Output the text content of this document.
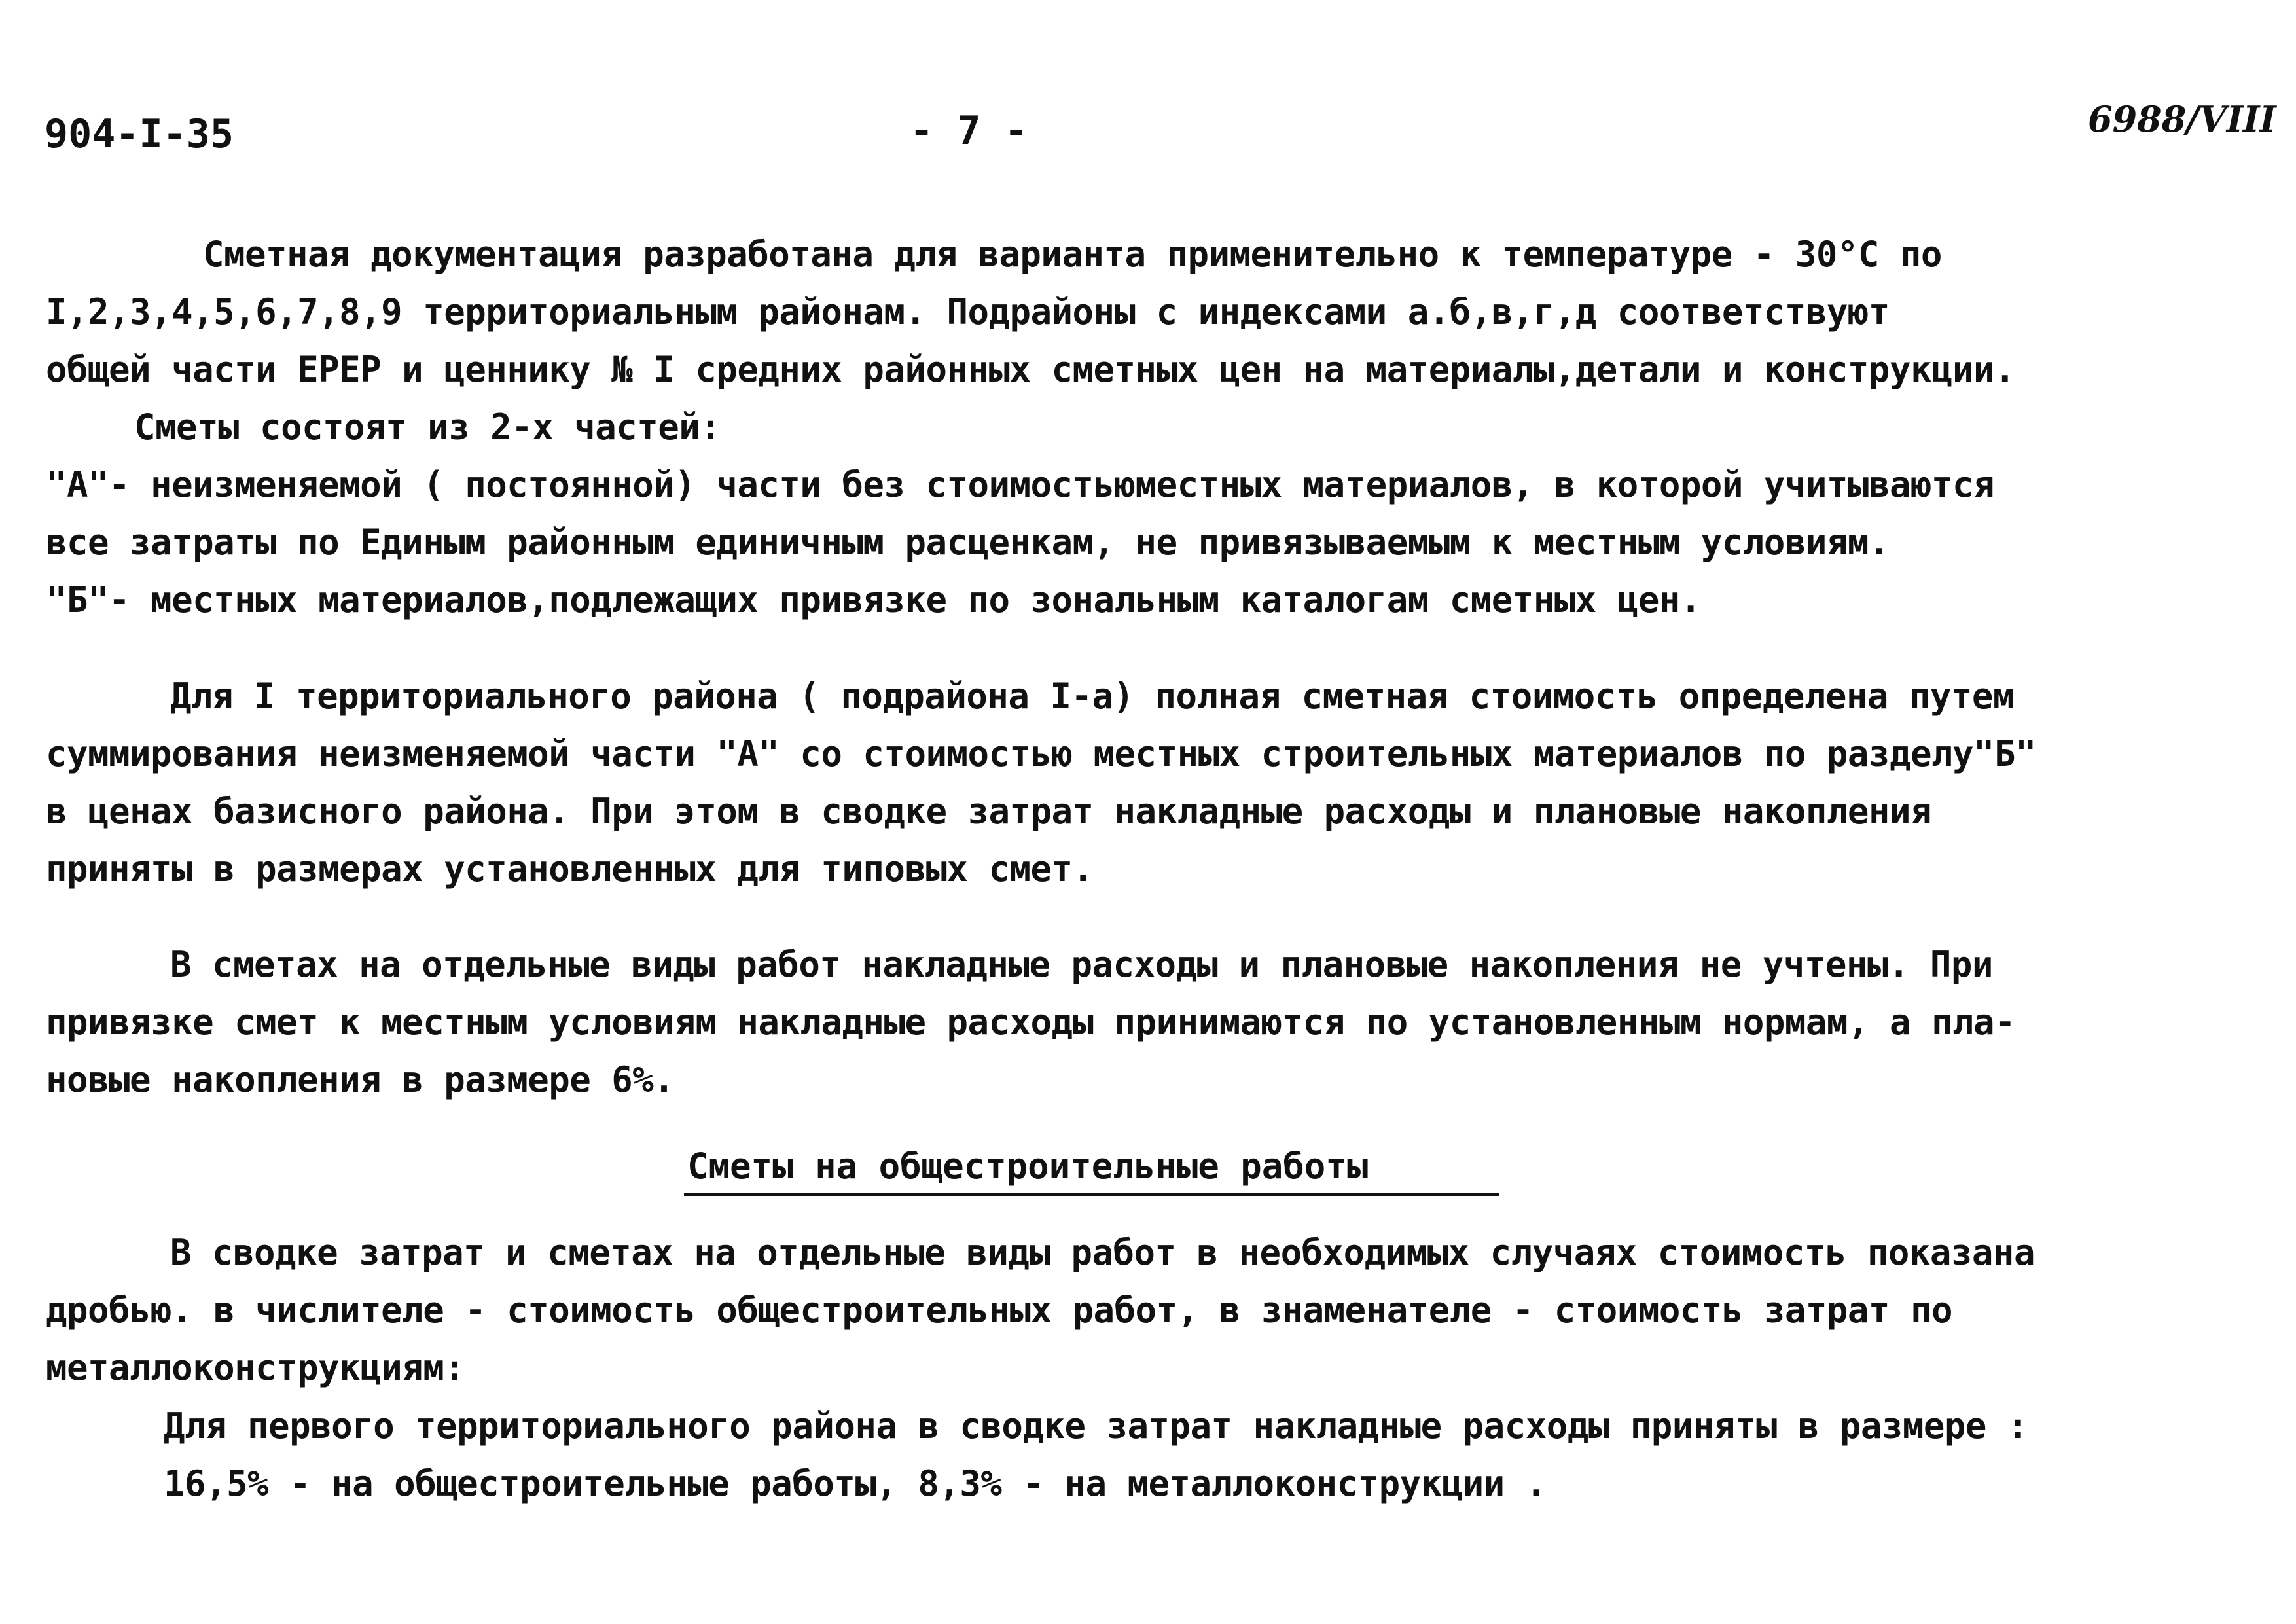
904-I-35	- 7 -	6988/VIII
Сметная документация разработана для варианта применительно к температуре - 30°C по
I,2,3,4,5,6,7,8,9 территориальным районам. Подрайоны с индексами а.б,в,г,д соответствуют
общей части ЕРЕР и ценнику № I средних районных сметных цен на материалы,детали и конструкции.
Сметы состоят из 2-х частей:
"А"- неизменяемой ( постоянной) части без стоимостьюместных материалов, в которой учитываются
все затраты по Единым районным единичным расценкам, не привязываемым к местным условиям.
"Б"- местных материалов,подлежащих привязке по зональным каталогам сметных цен.
Для I территориального района ( подрайона I-а) полная сметная стоимость определена путем
суммирования неизменяемой части "А" со стоимостью местных строительных материалов по разделу"Б"
в ценах базисного района. При этом в сводке затрат накладные расходы и плановые накопления
приняты в размерах установленных для типовых смет.
В сметах на отдельные виды работ накладные расходы и плановые накопления не учтены. При
привязке смет к местным условиям накладные расходы принимаются по установленным нормам, а пла-
новые накопления в размере 6%.
Сметы на общестроительные работы
В сводке затрат и сметах на отдельные виды работ в необходимых случаях стоимость показана
дробью. в числителе - стоимость общестроительных работ, в знаменателе - стоимость затрат по
металлоконструкциям:
Для первого территориального района в сводке затрат накладные расходы приняты в размере :
16,5% - на общестроительные работы, 8,3% - на металлоконструкции .
